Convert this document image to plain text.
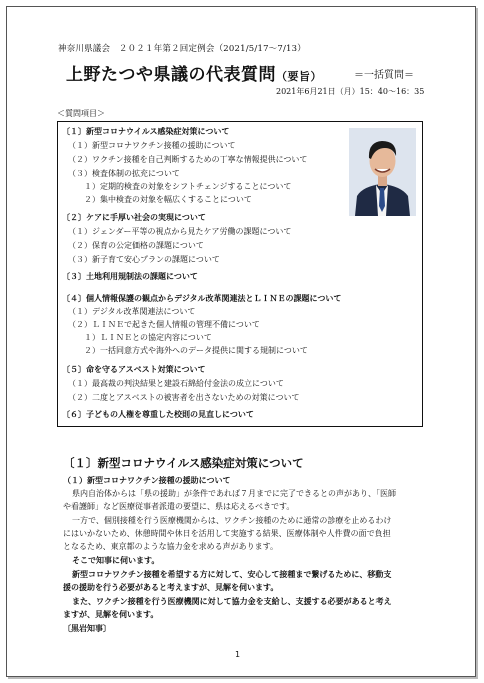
神奈川県議会　２０２１年第２回定例会（2021/5/17～7/13）
上野たつや県議の代表質問（要旨）	＝一括質問＝
2021年6月21日（月）15：40～16：35
＜質問項目＞
〔１〕新型コロナウイルス感染症対策について
（１）新型コロナワクチン接種の援助について
（２）ワクチン接種を自己判断するための丁寧な情報提供について
（３）検査体制の拡充について
１）定期的検査の対象をシフトチェンジすることについて
２）集中検査の対象を幅広くすることについて
〔２〕ケアに手厚い社会の実現について
（１）ジェンダー平等の視点から見たケア労働の課題について
（２）保育の公定価格の課題について
（３）新子育て安心プランの課題について
〔３〕土地利用規制法の課題について
〔４〕個人情報保護の観点からデジタル改革関連法とＬＩＮＥの課題について
（１）デジタル改革関連法について
（２）ＬＩＮＥで起きた個人情報の管理不備について
１）ＬＩＮＥとの協定内容について
２）一括同意方式や海外へのデータ提供に関する規制について
〔５〕命を守るアスベスト対策について
（１）最高裁の判決結果と建設石綿給付金法の成立について
（２）二度とアスベストの被害者を出さないための対策について
〔６〕子どもの人権を尊重した校則の見直しについて
〔１〕新型コロナウイルス感染症対策について
（１）新型コロナワクチン接種の援助について
県内自治体からは「県の援助」が条件であれば７月までに完了できるとの声があり、「医師
や看護師」など医療従事者派遣の要望に、県は応えるべきです。
一方で、個別接種を行う医療機関からは、ワクチン接種のために通常の診療を止めるわけ
にはいかないため、休憩時間や休日を活用して実施する結果、医療体制や人件費の面で負担
となるため、東京都のような協力金を求める声があります。
そこで知事に伺います。
新型コロナワクチン接種を希望する方に対して、安心して接種まで繋げるために、移動支
援の援助を行う必要があると考えますが、見解を伺います。
また、ワクチン接種を行う医療機関に対して協力金を支給し、支援する必要があると考え
ますが、見解を伺います。
〔黒岩知事〕
1
